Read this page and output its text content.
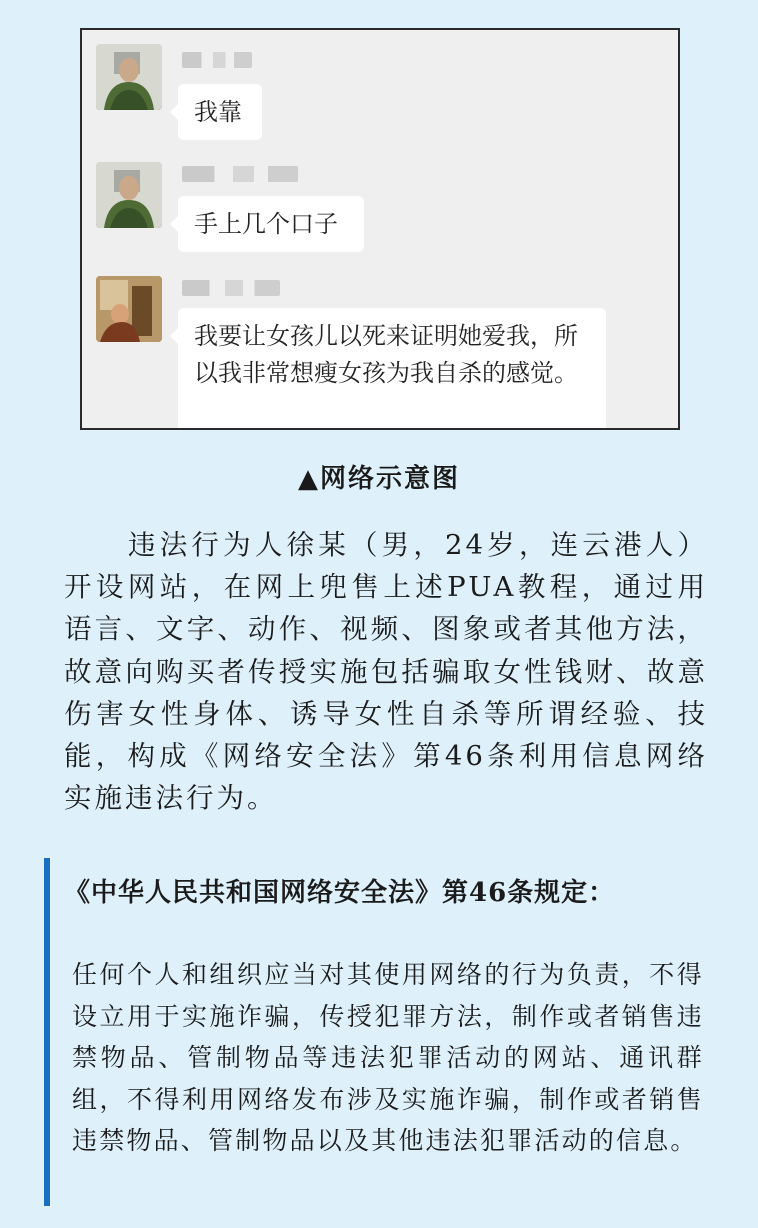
我靠
手上几个口子
我要让女孩儿以死来证明她爱我，所以我非常想瘦女孩为我自杀的感觉。
▲网络示意图

违法行为人徐某（男，24岁，连云港人）开设网站，在网上兜售上述PUA教程，通过用语言、文字、动作、视频、图象或者其他方法，故意向购买者传授实施包括骗取女性钱财、故意伤害女性身体、诱导女性自杀等所谓经验、技能，构成《网络安全法》第46条利用信息网络实施违法行为。

《中华人民共和国网络安全法》第46条规定：

任何个人和组织应当对其使用网络的行为负责，不得设立用于实施诈骗，传授犯罪方法，制作或者销售违禁物品、管制物品等违法犯罪活动的网站、通讯群组，不得利用网络发布涉及实施诈骗，制作或者销售违禁物品、管制物品以及其他违法犯罪活动的信息。
